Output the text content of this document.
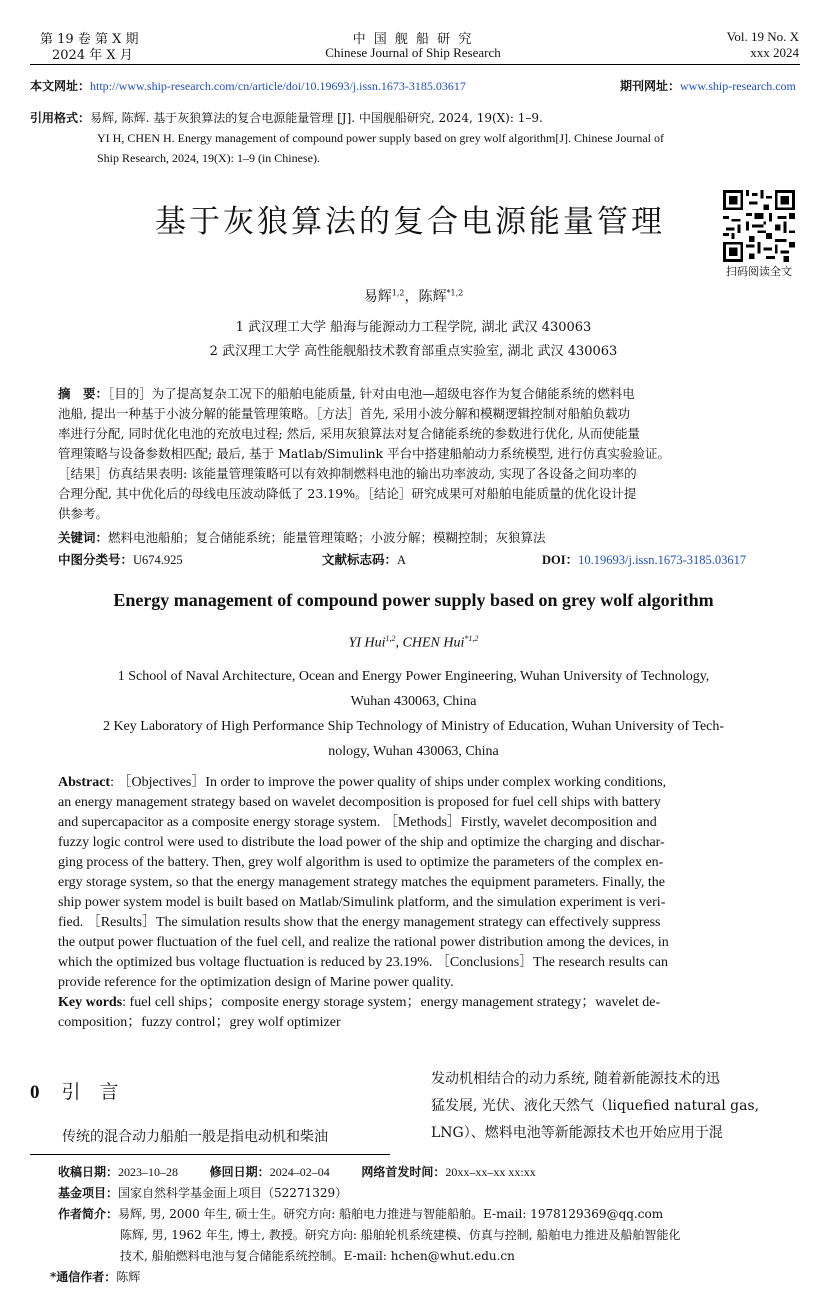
第 19 卷 第 X 期
2024 年 X 月
中 国 舰 船 研 究
Chinese Journal of Ship Research
Vol. 19 No. X
xxx 2024
本文网址：http://www.ship-research.com/cn/article/doi/10.19693/j.issn.1673-3185.03617	期刊网址：www.ship-research.com
引用格式：易辉, 陈辉. 基于灰狼算法的复合电源能量管理 [J]. 中国舰船研究, 2024, 19(X): 1–9.
YI H, CHEN H. Energy management of compound power supply based on grey wolf algorithm[J]. Chinese Journal of
Ship Research, 2024, 19(X): 1–9 (in Chinese).
基于灰狼算法的复合电源能量管理
扫码阅读全文
易辉$^{1,2}$，陈辉$^{*1,2}$
1 武汉理工大学 船海与能源动力工程学院, 湖北 武汉 430063
2 武汉理工大学 高性能舰船技术教育部重点实验室, 湖北 武汉 430063
摘　要：［目的］为了提高复杂工况下的船舶电能质量, 针对由电池—超级电容作为复合储能系统的燃料电
池船, 提出一种基于小波分解的能量管理策略。［方法］首先, 采用小波分解和模糊逻辑控制对船舶负载功
率进行分配, 同时优化电池的充放电过程; 然后, 采用灰狼算法对复合储能系统的参数进行优化, 从而使能量
管理策略与设备参数相匹配; 最后, 基于 Matlab/Simulink 平台中搭建船舶动力系统模型, 进行仿真实验验证。
［结果］仿真结果表明: 该能量管理策略可以有效抑制燃料电池的输出功率波动, 实现了各设备之间功率的
合理分配, 其中优化后的母线电压波动降低了 23.19%。［结论］研究成果可对船舶电能质量的优化设计提
供参考。
关键词：燃料电池船舶；复合储能系统；能量管理策略；小波分解；模糊控制；灰狼算法
中图分类号：U674.925	文献标志码：A	DOI：10.19693/j.issn.1673-3185.03617
Energy management of compound power supply based on grey wolf algorithm
YI Hui$^{1,2}$, CHEN Hui$^{*1,2}$
1 School of Naval Architecture, Ocean and Energy Power Engineering, Wuhan University of Technology,
Wuhan 430063, China
2 Key Laboratory of High Performance Ship Technology of Ministry of Education, Wuhan University of Tech-
nology, Wuhan 430063, China
Abstract: ［Objectives］In order to improve the power quality of ships under complex working conditions,
an energy management strategy based on wavelet decomposition is proposed for fuel cell ships with battery
and supercapacitor as a composite energy storage system. ［Methods］Firstly, wavelet decomposition and
fuzzy logic control were used to distribute the load power of the ship and optimize the charging and dischar-
ging process of the battery. Then, grey wolf algorithm is used to optimize the parameters of the complex en-
ergy storage system, so that the energy management strategy matches the equipment parameters. Finally, the
ship power system model is built based on Matlab/Simulink platform, and the simulation experiment is veri-
fied. ［Results］The simulation results show that the energy management strategy can effectively suppress
the output power fluctuation of the fuel cell, and realize the rational power distribution among the devices, in
which the optimized bus voltage fluctuation is reduced by 23.19%. ［Conclusions］The research results can
provide reference for the optimization design of Marine power quality.
Key words: fuel cell ships；composite energy storage system；energy management strategy；wavelet de-
composition；fuzzy control；grey wolf optimizer
0 引　言
传统的混合动力船舶一般是指电动机和柴油
发动机相结合的动力系统, 随着新能源技术的迅
猛发展, 光伏、液化天然气（liquefied natural gas,
LNG）、燃料电池等新能源技术也开始应用于混
收稿日期：2023–10–28	修回日期：2024–02–04	网络首发时间：20xx–xx–xx xx:xx
基金项目：国家自然科学基金面上项目（52271329）
作者简介：易辉, 男, 2000 年生, 硕士生。研究方向: 船舶电力推进与智能船舶。E-mail: 1978129369@qq.com
陈辉, 男, 1962 年生, 博士, 教授。研究方向: 船舶轮机系统建模、仿真与控制, 船舶电力推进及船舶智能化
技术, 船舶燃料电池与复合储能系统控制。E-mail: hchen@whut.edu.cn
*通信作者：陈辉
